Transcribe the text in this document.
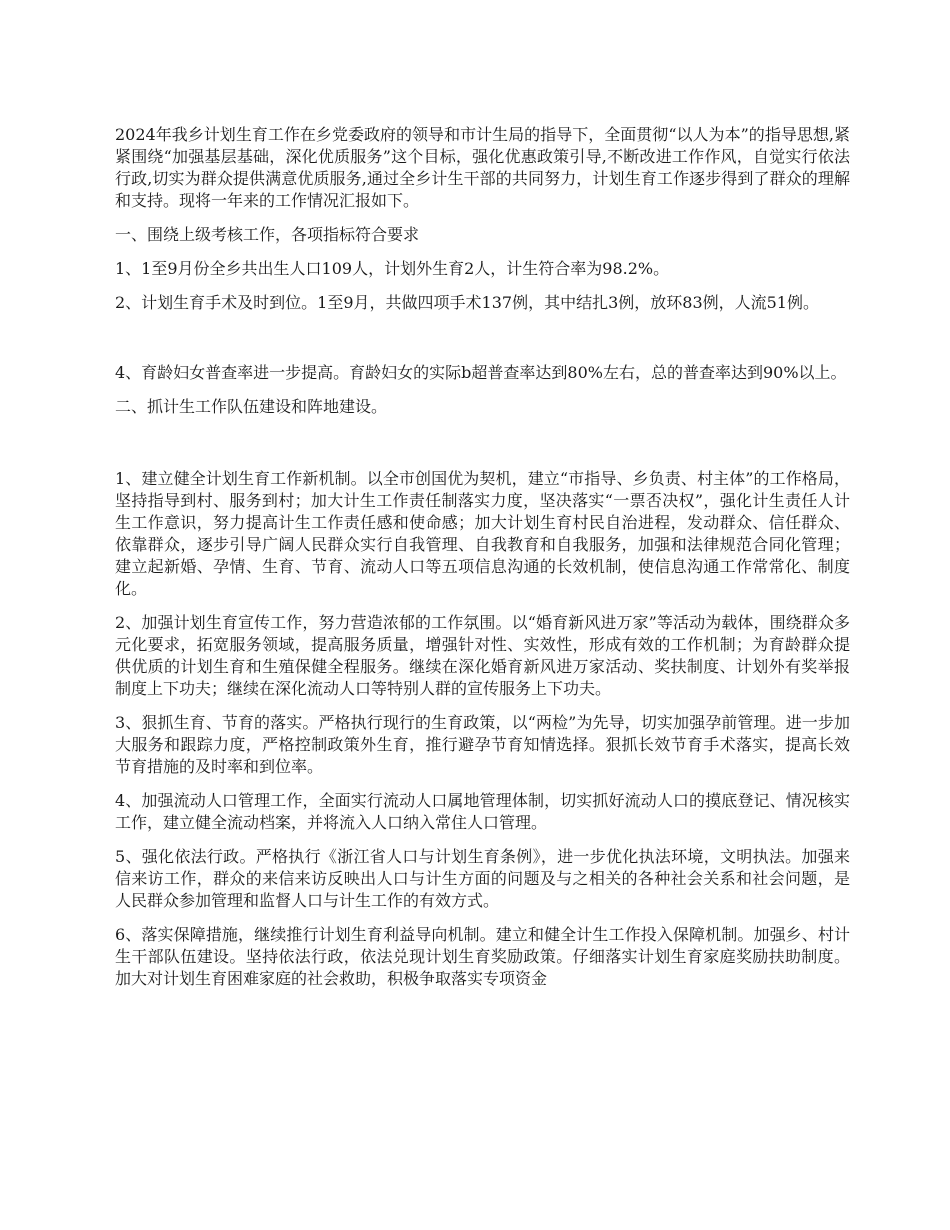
2024年我乡计划生育工作在乡党委政府的领导和市计生局的指导下，全面贯彻“以人为本”的指导思想,紧紧围绕“加强基层基础，深化优质服务”这个目标，强化优惠政策引导,不断改进工作作风，自觉实行依法行政,切实为群众提供满意优质服务,通过全乡计生干部的共同努力，计划生育工作逐步得到了群众的理解和支持。现将一年来的工作情况汇报如下。

一、围绕上级考核工作，各项指标符合要求

1、1至9月份全乡共出生人口109人，计划外生育2人，计生符合率为98.2%。

2、计划生育手术及时到位。1至9月，共做四项手术137例，其中结扎3例，放环83例，人流51例。

4、育龄妇女普查率进一步提高。育龄妇女的实际b超普查率达到80%左右，总的普查率达到90%以上。

二、抓计生工作队伍建设和阵地建设。

1、建立健全计划生育工作新机制。以全市创国优为契机，建立“市指导、乡负责、村主体”的工作格局，坚持指导到村、服务到村；加大计生工作责任制落实力度，坚决落实“一票否决权”，强化计生责任人计生工作意识，努力提高计生工作责任感和使命感；加大计划生育村民自治进程，发动群众、信任群众、依靠群众，逐步引导广阔人民群众实行自我管理、自我教育和自我服务，加强和法律规范合同化管理；建立起新婚、孕情、生育、节育、流动人口等五项信息沟通的长效机制，使信息沟通工作常常化、制度化。

2、加强计划生育宣传工作，努力营造浓郁的工作氛围。以“婚育新风进万家”等活动为载体，围绕群众多元化要求，拓宽服务领域，提高服务质量，增强针对性、实效性，形成有效的工作机制；为育龄群众提供优质的计划生育和生殖保健全程服务。继续在深化婚育新风进万家活动、奖扶制度、计划外有奖举报制度上下功夫；继续在深化流动人口等特别人群的宣传服务上下功夫。

3、狠抓生育、节育的落实。严格执行现行的生育政策，以“两检”为先导，切实加强孕前管理。进一步加大服务和跟踪力度，严格控制政策外生育，推行避孕节育知情选择。狠抓长效节育手术落实，提高长效节育措施的及时率和到位率。

4、加强流动人口管理工作，全面实行流动人口属地管理体制，切实抓好流动人口的摸底登记、情况核实工作，建立健全流动档案，并将流入人口纳入常住人口管理。

5、强化依法行政。严格执行《浙江省人口与计划生育条例》，进一步优化执法环境，文明执法。加强来信来访工作，群众的来信来访反映出人口与计生方面的问题及与之相关的各种社会关系和社会问题，是人民群众参加管理和监督人口与计生工作的有效方式。

6、落实保障措施，继续推行计划生育利益导向机制。建立和健全计生工作投入保障机制。加强乡、村计生干部队伍建设。坚持依法行政，依法兑现计划生育奖励政策。仔细落实计划生育家庭奖励扶助制度。加大对计划生育困难家庭的社会救助，积极争取落实专项资金
